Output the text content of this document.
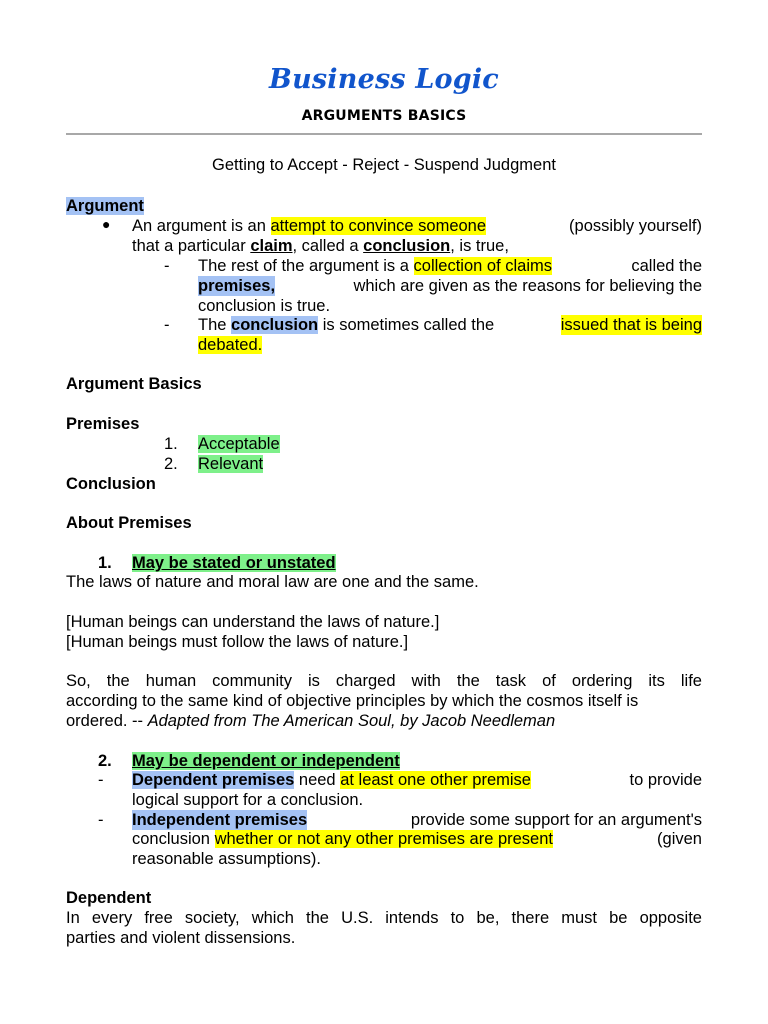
Business Logic
ARGUMENTS BASICS
Getting to Accept - Reject - Suspend Judgment
Argument
● An argument is an attempt to convince someone	(possibly yourself)
that a particular claim, called a conclusion, is true,
- The rest of the argument is a collection of claims	called the
premises,	which are given as the reasons for believing the
conclusion is true.
- The conclusion is sometimes called the	issued that is being
debated.
Argument Basics
Premises
1. Acceptable
2. Relevant
Conclusion
About Premises
1. May be stated or unstated
The laws of nature and moral law are one and the same.
[Human beings can understand the laws of nature.]
[Human beings must follow the laws of nature.]
So, the human community is charged with the task of ordering its life
according to the same kind of objective principles by which the cosmos itself is
ordered. -- Adapted from The American Soul, by Jacob Needleman
2. May be dependent or independent
- Dependent premises need at least one other premise	to provide
logical support for a conclusion.
- Independent premises	provide some support for an argument's
conclusion whether or not any other premises are present	(given
reasonable assumptions).
Dependent
In every free society, which the U.S. intends to be, there must be opposite
parties and violent dissensions.
